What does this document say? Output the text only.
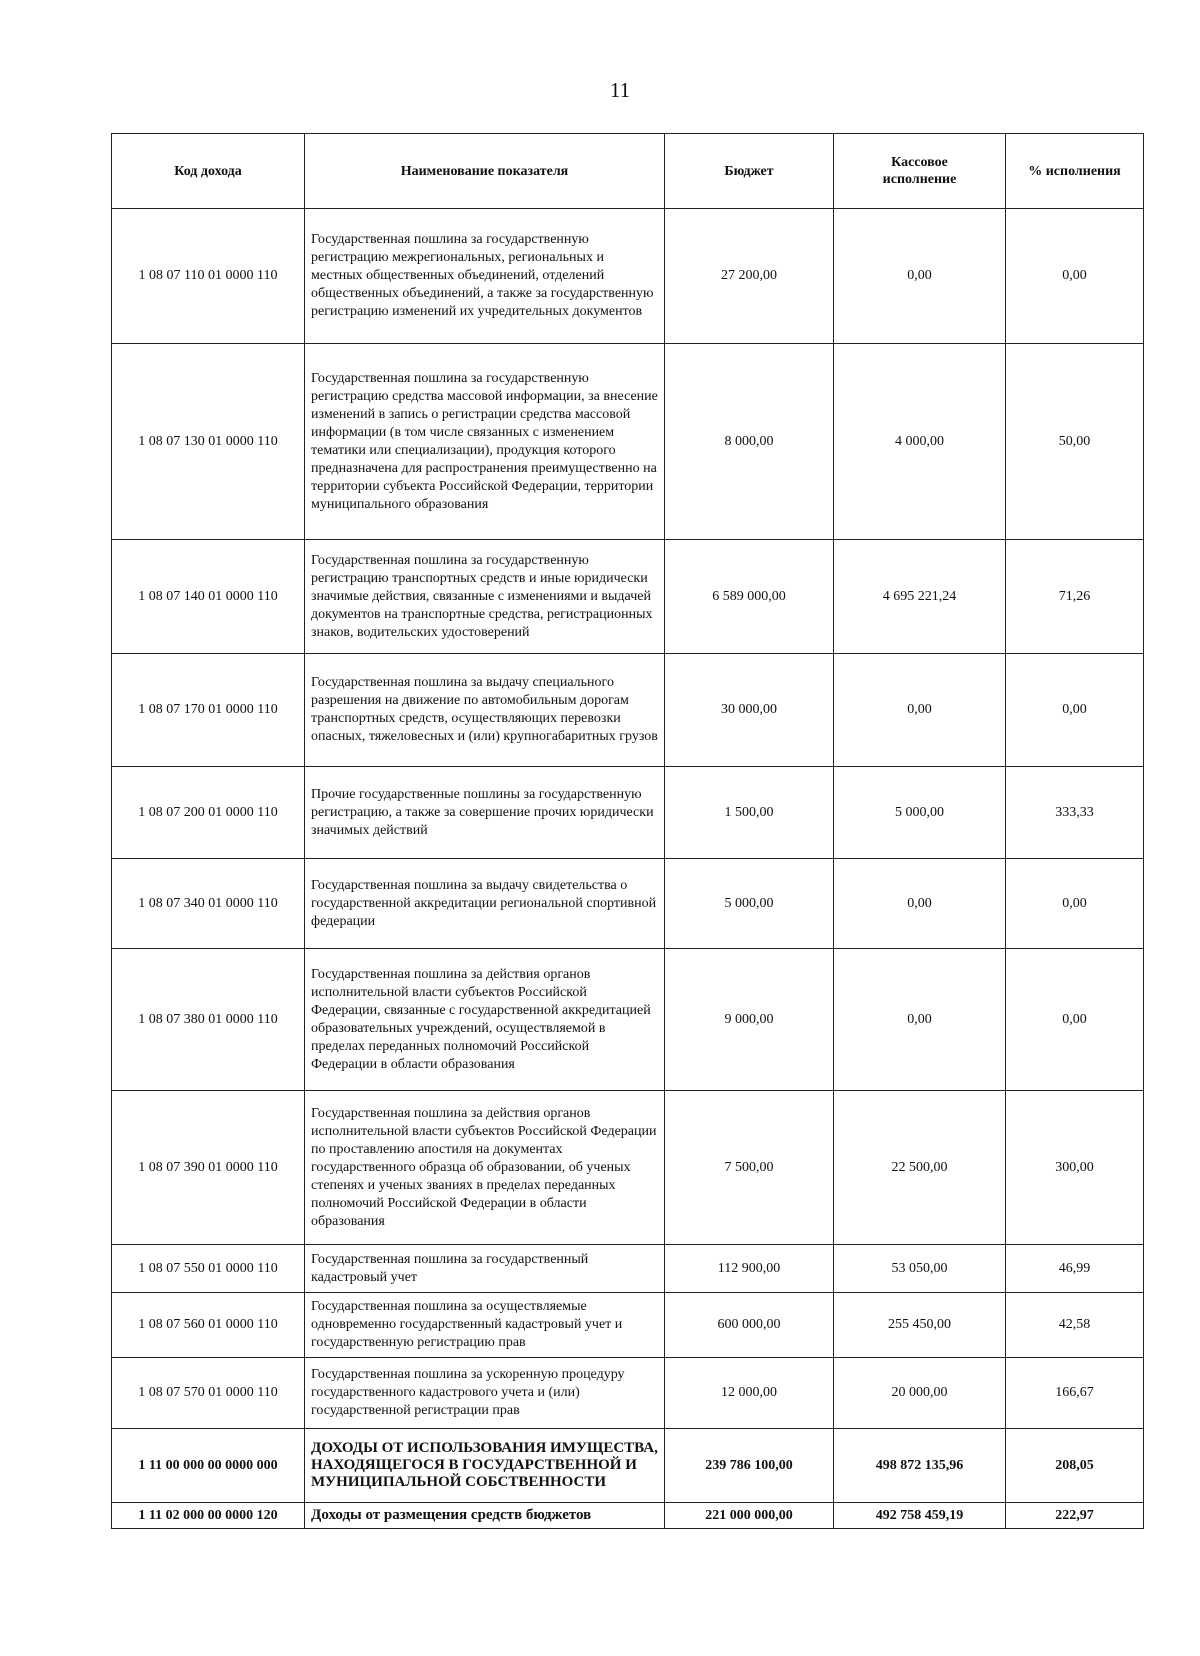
11
Код дохода	Наименование показателя	Бюджет	Кассовое исполнение	% исполнения
1 08 07 110 01 0000 110	Государственная пошлина за государственную регистрацию межрегиональных, региональных и местных общественных объединений, отделений общественных объединений, а также за государственную регистрацию изменений их учредительных документов	27 200,00	0,00	0,00
1 08 07 130 01 0000 110	Государственная пошлина за государственную регистрацию средства массовой информации, за внесение изменений в запись о регистрации средства массовой информации (в том числе связанных с изменением тематики или специализации), продукция которого предназначена для распространения преимущественно на территории субъекта Российской Федерации, территории муниципального образования	8 000,00	4 000,00	50,00
1 08 07 140 01 0000 110	Государственная пошлина за государственную регистрацию транспортных средств и иные юридически значимые действия, связанные с изменениями и выдачей документов на транспортные средства, регистрационных знаков, водительских удостоверений	6 589 000,00	4 695 221,24	71,26
1 08 07 170 01 0000 110	Государственная пошлина за выдачу специального разрешения на движение по автомобильным дорогам транспортных средств, осуществляющих перевозки опасных, тяжеловесных и (или) крупногабаритных грузов	30 000,00	0,00	0,00
1 08 07 200 01 0000 110	Прочие государственные пошлины за государственную регистрацию, а также за совершение прочих юридически значимых действий	1 500,00	5 000,00	333,33
1 08 07 340 01 0000 110	Государственная пошлина за выдачу свидетельства о государственной аккредитации региональной спортивной федерации	5 000,00	0,00	0,00
1 08 07 380 01 0000 110	Государственная пошлина за действия органов исполнительной власти субъектов Российской Федерации, связанные с государственной аккредитацией образовательных учреждений, осуществляемой в пределах переданных полномочий Российской Федерации в области образования	9 000,00	0,00	0,00
1 08 07 390 01 0000 110	Государственная пошлина за действия органов исполнительной власти субъектов Российской Федерации по проставлению апостиля на документах государственного образца об образовании, об ученых степенях и ученых званиях в пределах переданных полномочий Российской Федерации в области образования	7 500,00	22 500,00	300,00
1 08 07 550 01 0000 110	Государственная пошлина за государственный кадастровый учет	112 900,00	53 050,00	46,99
1 08 07 560 01 0000 110	Государственная пошлина за осуществляемые одновременно государственный кадастровый учет и государственную регистрацию прав	600 000,00	255 450,00	42,58
1 08 07 570 01 0000 110	Государственная пошлина за ускоренную процедуру государственного кадастрового учета и (или) государственной регистрации прав	12 000,00	20 000,00	166,67
1 11 00 000 00 0000 000	ДОХОДЫ ОТ ИСПОЛЬЗОВАНИЯ ИМУЩЕСТВА, НАХОДЯЩЕГОСЯ В ГОСУДАРСТВЕННОЙ И МУНИЦИПАЛЬНОЙ СОБСТВЕННОСТИ	239 786 100,00	498 872 135,96	208,05
1 11 02 000 00 0000 120	Доходы от размещения средств бюджетов	221 000 000,00	492 758 459,19	222,97
